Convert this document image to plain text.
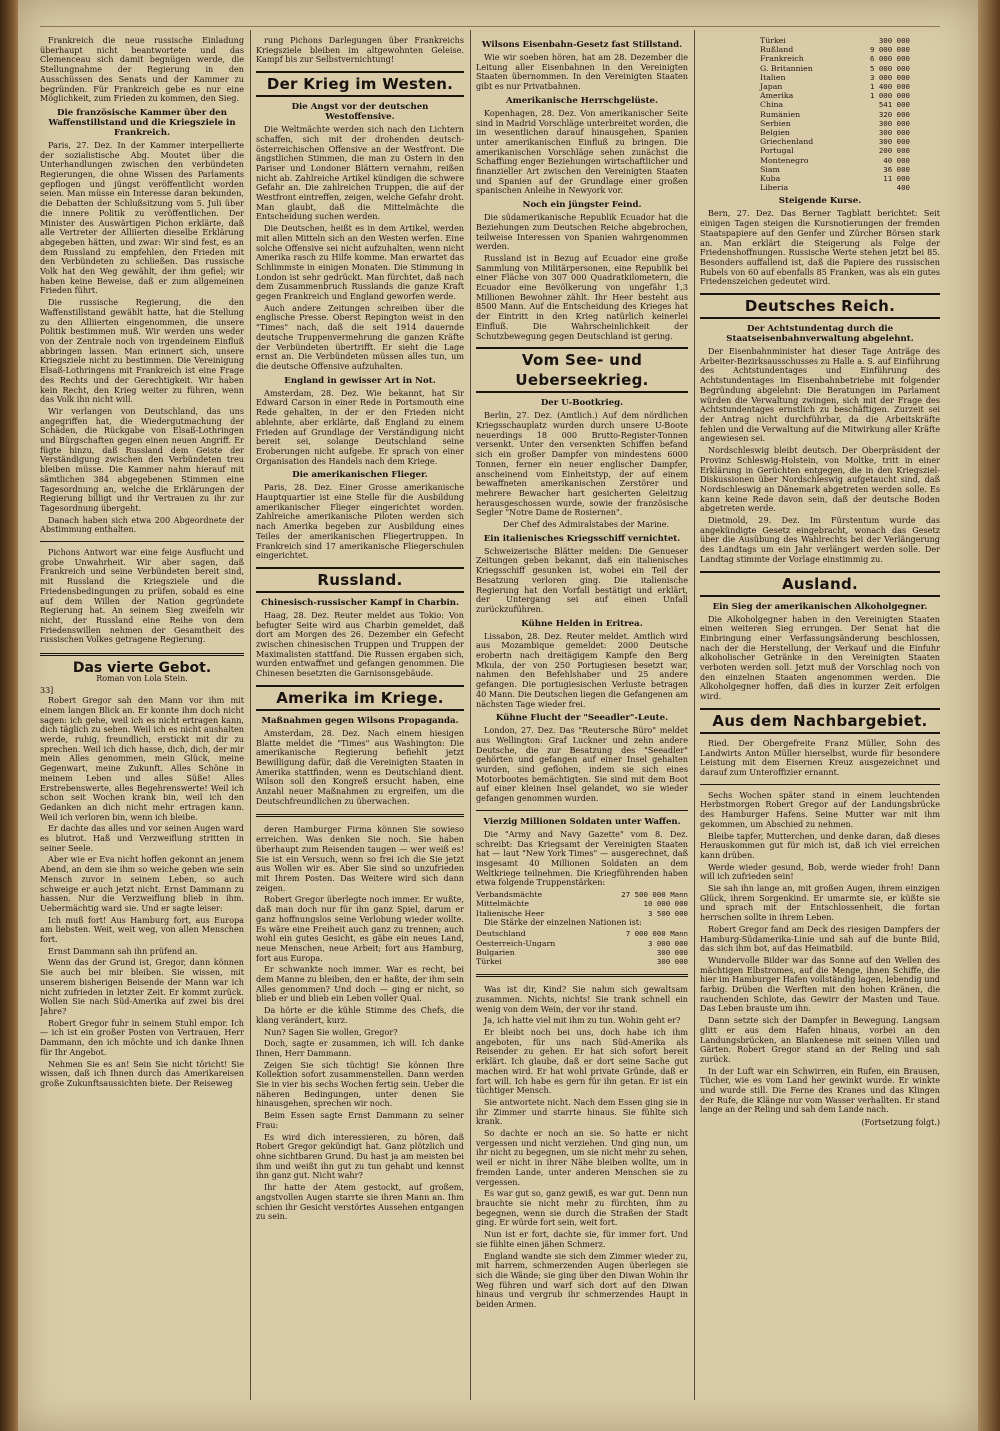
Frankreich die neue russische Einladung überhaupt nicht beantwortete und das Clemenceau sich damit begnügen werde, die Stellungnahme der Regierung in den Ausschüssen des Senats und der Kammer zu begründen. Für Frankreich gebe es nur eine Möglichkeit, zum Frieden zu kommen, den Sieg.

Die französische Kammer über den Waffenstillstand und die Kriegsziele in Frankreich.

Paris, 27. Dez. In der Kammer interpellierte der sozialistische Abg. Moutet über die Unterhandlungen zwischen den verbündeten Regierungen, die ohne Wissen des Parlaments gepflogen und jüngst veröffentlicht worden seien. Man müsse ein Interesse daran bekunden, die Debatten der Schlußsitzung vom 5. Juli über die innere Politik zu veröffentlichen. Der Minister des Auswärtigen Pichon erklärte, daß alle Vertreter der Alliierten dieselbe Erklärung abgegeben hätten, und zwar: Wir sind fest, es an dem Russland zu empfehlen, den Frieden mit den Verbündeten zu schließen. Das russische Volk hat den Weg gewählt, der ihm gefiel; wir haben keine Beweise, daß er zum allgemeinen Frieden führt.

Die russische Regierung, die den Waffenstillstand gewählt hatte, hat die Stellung zu den Alliierten eingenommen, die unsere Politik bestimmen muß. Wir werden uns weder von der Zentrale noch von irgendeinem Einfluß abbringen lassen. Man erinnert sich, unsere Kriegsziele nicht zu bestimmen. Die Vereinigung Elsaß-Lothringens mit Frankreich ist eine Frage des Rechts und der Gerechtigkeit. Wir haben kein Recht, den Krieg weiter zu führen, wenn das Volk ihn nicht will.

Wir verlangen von Deutschland, das uns angegriffen hat, die Wiedergutmachung der Schäden, die Rückgabe von Elsaß-Lothringen und Bürgschaften gegen einen neuen Angriff. Er fügte hinzu, daß Russland dem Geiste der Verständigung zwischen den Verbündeten treu bleiben müsse. Die Kammer nahm hierauf mit sämtlichen 384 abgegebenen Stimmen eine Tagesordnung an, welche die Erklärungen der Regierung billigt und ihr Vertrauen zu ihr zur Tagesordnung übergeht.

Danach haben sich etwa 200 Abgeordnete der Abstimmung enthalten.

Pichons Antwort war eine feige Ausflucht und grobe Unwahrheit. Wir aber sagen, daß Frankreich und seine Verbündeten bereit sind, mit Russland die Kriegsziele und die Friedensbedingungen zu prüfen, sobald es eine auf dem Willen der Nation gegründete Regierung hat. An seinem Sieg zweifeln wir nicht, der Russland eine Reihe von dem Friedenswillen nehmen der Gesamtheit des russischen Volkes getragene Regierung.

Das vierte Gebot.
Roman von Lola Stein.
33]

Robert Gregor sah den Mann vor ihm mit einem langen Blick an. Er konnte ihm doch nicht sagen: ich gehe, weil ich es nicht ertragen kann, dich täglich zu sehen. Weil ich es nicht aushalten werde, ruhig, freundlich, erstickt mit dir zu sprechen. Weil ich dich hasse, dich, dich, der mir mein Alles genommen, mein Glück, meine Gegenwart, meine Zukunft. Alles Schöne in meinem Leben und alles Süße! Alles Erstrebenswerte, alles Begehrenswerte! Weil ich schon seit Wochen krank bin, weil ich den Gedanken an dich nicht mehr ertragen kann. Weil ich verloren bin, wenn ich bleibe.

Er dachte das alles und vor seinen Augen ward es blutrot. Haß und Verzweiflung stritten in seiner Seele.

Aber wie er Eva nicht hoffen gekonnt an jenem Abend, an dem sie ihm so weiche geben wie sein Mensch zuvor in seinem Leben, so auch schweige er auch jetzt nicht. Ernst Dammann zu hassen. Nur die Verzweiflung blieb in ihm. Uebermächtig ward sie. Und er sagte leiser:

Ich muß fort! Aus Hamburg fort, aus Europa am liebsten. Weit, weit weg, von allen Menschen fort.

Ernst Dammann sah ihn prüfend an.

Wenn das der Grund ist, Gregor, dann können Sie auch bei mir bleiben. Sie wissen, mit unserem bisherigen Beisende der Mann war ich nicht zufrieden in letzter Zeit. Er kommt zurück. Wollen Sie nach Süd-Amerika auf zwei bis drei Jahre?

Robert Gregor fuhr in seinem Stuhl empor. Ich — ich ist ein großer Posten von Vertrauen, Herr Dammann, den ich möchte und ich danke Ihnen für Ihr Angebot.

Nehmen Sie es an! Sein Sie nicht töricht! Sie wissen, daß ich Ihnen durch das Amerikareisen große Zukunftsaussichten biete. Der Reiseweg

rung Pichons Darlegungen über Frankreichs Kriegsziele bleiben im altgewohnten Geleise. Kampf bis zur Selbstvernichtung!

Der Krieg im Westen.
Die Angst vor der deutschen Westoffensive.

Die Weltmächte werden sich nach den Lichtern schaffen, sich mit der drohenden deutsch-österreichischen Offensive an der Westfront. Die ängstlichen Stimmen, die man zu Ostern in den Pariser und Londoner Blättern vernahm, reißen nicht ab. Zahlreiche Artikel kündigen die schwere Gefahr an. Die zahlreichen Truppen, die auf der Westfront eintreffen, zeigen, welche Gefahr droht. Man glaubt, daß die Mittelmächte die Entscheidung suchen werden.

Die Deutschen, heißt es in dem Artikel, werden mit allen Mitteln sich an den Westen werfen. Eine solche Offensive sei nicht aufzuhalten, wenn nicht Amerika rasch zu Hilfe komme. Man erwartet das Schlimmste in einigen Monaten. Die Stimmung in London ist sehr gedrückt. Man fürchtet, daß nach dem Zusammenbruch Russlands die ganze Kraft gegen Frankreich und England geworfen werde.

Auch andere Zeitungen schreiben über die englische Presse. Oberst Repington weist in den "Times" nach, daß die seit 1914 dauernde deutsche Truppenvermehrung die ganzen Kräfte der Verbündeten übertrifft. Er sieht die Lage ernst an. Die Verbündeten müssen alles tun, um die deutsche Offensive aufzuhalten.

England in gewisser Art in Not.

Amsterdam, 28. Dez. Wie bekannt, hat Sir Edward Carson in einer Rede in Portsmouth eine Rede gehalten, in der er den Frieden nicht ablehnte, aber erklärte, daß England zu einem Frieden auf Grundlage der Verständigung nicht bereit sei, solange Deutschland seine Eroberungen nicht aufgebe. Er sprach von einer Organisation des Handels nach dem Kriege.

Die amerikanischen Flieger.

Paris, 28. Dez. Einer Grosse amerikanische Hauptquartier ist eine Stelle für die Ausbildung amerikanischer Flieger eingerichtet worden. Zahlreiche amerikanische Piloten werden sich nach Amerika begeben zur Ausbildung eines Teiles der amerikanischen Fliegertruppen. In Frankreich sind 17 amerikanische Fliegerschulen eingerichtet.

Russland.
Chinesisch-russischer Kampf in Charbin.

Haag, 28. Dez. Reuter meldet aus Tokio: Von befugter Seite wird aus Charbin gemeldet, daß dort am Morgen des 26. Dezember ein Gefecht zwischen chinesischen Truppen und Truppen der Maximalisten stattfand. Die Russen ergaben sich, wurden entwaffnet und gefangen genommen. Die Chinesen besetzten die Garnisonsgebäude.

Amerika im Kriege.
Maßnahmen gegen Wilsons Propaganda.

Amsterdam, 28. Dez. Nach einem hiesigen Blatte meldet die "Times" aus Washington: Die amerikanische Regierung befiehlt jetzt Bewilligung dafür, daß die Vereinigten Staaten in Amerika stattfinden, wenn es Deutschland dient. Wilson soll den Kongreß ersucht haben, eine Anzahl neuer Maßnahmen zu ergreifen, um die Deutschfreundlichen zu überwachen.

deren Hamburger Firma können Sie sowieso erreichen. Was denken Sie noch. Sie haben überhaupt zum Reisenden taugen — wer weiß es! Sie ist ein Versuch, wenn so frei ich die Sie jetzt aus Wollen wir es. Aber Sie sind so unzufrieden mit Ihrem Posten. Das Weitere wird sich dann zeigen.

Robert Gregor überlegte noch immer. Er wußte, daß man doch nur für ihn ganz Spiel, darum er ganz hoffnungslos seine Verlobung wieder wollte. Es wäre eine Freiheit auch ganz zu trennen; auch wohl ein gutes Gesicht, es gäbe ein neues Land, neue Menschen, neue Arbeit; fort aus Hamburg, fort aus Europa.

Er schwankte noch immer. War es recht, bei dem Manne zu bleiben, den er haßte, der ihm sein Alles genommen? Und doch — ging er nicht, so blieb er und blieb ein Leben voller Qual.

Da hörte er die kühle Stimme des Chefs, die klang verändert, kurz.

Nun? Sagen Sie wollen, Gregor?

Doch, sagte er zusammen, ich will. Ich danke Ihnen, Herr Dammann.

Zeigen Sie sich tüchtig! Sie können Ihre Kollektion sofort zusammenstellen. Dann werden Sie in vier bis sechs Wochen fertig sein. Ueber die näheren Bedingungen, unter denen Sie hinausgehen, sprechen wir noch.

Beim Essen sagte Ernst Dammann zu seiner Frau:

Es wird dich interessieren, zu hören, daß Robert Gregor gekündigt hat. Ganz plötzlich und ohne sichtbaren Grund. Du hast ja am meisten bei ihm und weißt ihn gut zu tun gehabt und kennst ihn ganz gut. Nicht wahr?

Ihr hatte der Atem gestockt, auf großem, angstvollen Augen starrte sie ihren Mann an. Ihm schien ihr Gesicht verstörtes Aussehen entgangen zu sein.

Wilsons Eisenbahn-Gesetz fast Stillstand.

Wie wir soeben hören, hat am 28. Dezember die Leitung aller Eisenbahnen in den Vereinigten Staaten übernommen. In den Vereinigten Staaten gibt es nur Privatbahnen.

Amerikanische Herrschgelüste.

Kopenhagen, 28. Dez. Von amerikanischer Seite sind in Madrid Vorschläge unterbreitet worden, die im wesentlichen darauf hinausgehen, Spanien unter amerikanischen Einfluß zu bringen. Die amerikanischen Vorschläge sehen zunächst die Schaffung enger Beziehungen wirtschaftlicher und finanzieller Art zwischen den Vereinigten Staaten und Spanien auf der Grundlage einer großen spanischen Anleihe in Newyork vor.

Noch ein jüngster Feind.

Die südamerikanische Republik Ecuador hat die Beziehungen zum Deutschen Reiche abgebrochen, teilweise Interessen von Spanien wahrgenommen werden.

Russland ist in Bezug auf Ecuador eine große Sammlung von Militärpersonen, eine Republik bei einer Fläche von 307 000 Quadratkilometern, die Ecuador eine Bevölkerung von ungefähr 1,3 Millionen Bewohner zählt. Ihr Heer besteht aus 8500 Mann. Auf die Entscheidung des Krieges hat der Eintritt in den Krieg natürlich keinerlei Einfluß. Die Wahrscheinlichkeit der Schutzbewegung gegen Deutschland ist gering.

Vom See- und Ueberseekrieg.
Der U-Bootkrieg.

Berlin, 27. Dez. (Amtlich.) Auf dem nördlichen Kriegsschauplatz wurden durch unsere U-Boote neuerdings 18 000 Brutto-Register-Tonnen versenkt. Unter den versenkten Schiffen befand sich ein großer Dampfer von mindestens 6000 Tonnen, ferner ein neuer englischer Dampfer, anscheinend vom Einheitstyp, der auf einem bewaffneten amerikanischen Zerstörer und mehrere Bewacher hart gesicherten Geleitzug herausgeschossen wurde, sowie der französische Segler "Notre Dame de Rosiernen".

Der Chef des Admiralstabes der Marine.

Ein italienisches Kriegsschiff vernichtet.

Schweizerische Blätter melden: Die Genueser Zeitungen geben bekannt, daß ein italienisches Kriegsschiff gesunken ist, wobei ein Teil der Besatzung verloren ging. Die italienische Regierung hat den Vorfall bestätigt und erklärt, der Untergang sei auf einen Unfall zurückzuführen.

Kühne Helden in Eritrea.

Lissabon, 28. Dez. Reuter meldet. Amtlich wird aus Mozambique gemeldet: 2000 Deutsche erobertn nach dreitägigem Kampfe den Berg Mkula, der von 250 Portugiesen besetzt war, nahmen den Befehlshaber und 25 andere gefangen. Die portugiesischen Verluste betragen 40 Mann. Die Deutschen liegen die Gefangenen am nächsten Tage wieder frei.

Kühne Flucht der "Seeadler"-Leute.

London, 27. Dez. Das "Reutersche Büro" meldet aus Wellington: Graf Luckner und zehn andere Deutsche, die zur Besatzung des "Seeadler" gehörten und gefangen auf einer Insel gehalten wurden, sind geflohen, indem sie sich eines Motorbootes bemächtigten. Sie sind mit dem Boot auf einer kleinen Insel gelandet, wo sie wieder gefangen genommen wurden.

Vierzig Millionen Soldaten unter Waffen.

Die "Army and Navy Gazette" vom 8. Dez. schreibt: Das Kriegsamt der Vereinigten Staaten hat — laut "New York Times" — ausgerechnet, daß insgesamt 40 Millionen Soldaten an dem Weltkriege teilnehmen. Die Kriegführenden haben etwa folgende Truppenstärken:

Verbandsmächte	27 500 000 Mann
Mittelmächte	10 000 000
Italienische Heer	3 500 000

Die Stärke der einzelnen Nationen ist:

Deutschland	7 000 000 Mann
Oesterreich-Ungarn	3 000 000
Bulgarien	300 000
Türkei	300 000

Was ist dir, Kind? Sie nahm sich gewaltsam zusammen. Nichts, nichts! Sie trank schnell ein wenig von dem Wein, der vor ihr stand.

Ja, ich hatte viel mit ihm zu tun. Wohin geht er?

Er bleibt noch bei uns, doch habe ich ihm angeboten, für uns nach Süd-Amerika als Reisender zu gehen. Er hat sich sofort bereit erklärt. Ich glaube, daß er dort seine Sache gut machen wird. Er hat wohl private Gründe, daß er fort will. Ich habe es gern für ihn getan. Er ist ein tüchtiger Mensch.

Sie antwortete nicht. Nach dem Essen ging sie in ihr Zimmer und starrte hinaus. Sie fühlte sich krank.

So dachte er noch an sie. So hatte er nicht vergessen und nicht verziehen. Und ging nun, um ihr nicht zu begegnen, um sie nicht mehr zu sehen, weil er nicht in ihrer Nähe bleiben wollte, um in fremden Lande, unter anderen Menschen sie zu vergessen.

Es war gut so, ganz gewiß, es war gut. Denn nun brauchte sie nicht mehr zu fürchten, ihm zu begegnen, wenn sie durch die Straßen der Stadt ging. Er würde fort sein, weit fort.

Nun ist er fort, dachte sie, für immer fort. Und sie fühlte einen jähen Schmerz.

England wandte sie sich dem Zimmer wieder zu, mit harrem, schmerzenden Augen überlegen sie sich die Wände; sie ging über den Diwan Wohin ihr Weg führen und warf sich dort auf den Diwan hinaus und vergrub ihr schmerzendes Haupt in beiden Armen.

Türkei	300 000
Rußland	9 000 000
Frankreich	6 000 000
G. Britannien	5 000 000
Italien	3 000 000
Japan	1 400 000
Amerika	1 000 000
China	541 000
Rumänien	320 000
Serbien	300 000
Belgien	300 000
Griechenland	300 000
Portugal	200 000
Montenegro	40 000
Siam	36 000
Kuba	11 000
Liberia	400
Steigende Kurse.

Bern, 27. Dez. Das Berner Tagblatt berichtet: Seit einigen Tagen steigen die Kursnotierungen der fremden Staatspapiere auf den Genfer und Zürcher Börsen stark an. Man erklärt die Steigerung als Folge der Friedenshoffnungen. Russische Werte stehen jetzt bei 85. Besonders auffallend ist, daß die Papiere des russischen Rubels von 60 auf ebenfalls 85 Franken, was als ein gutes Friedenszeichen gedeutet wird.

Deutsches Reich.
Der Achtstundentag durch die Staatseisenbahnverwaltung abgelehnt.

Der Eisenbahnminister hat dieser Tage Anträge des Arbeiter-Bezirksausschusses zu Halle a. S. auf Einführung des Achtstundentages und Einführung des Achtstundentages im Eisenbahnbetriebe mit folgender Begründung abgelehnt: Die Beratungen im Parlament würden die Verwaltung zwingen, sich mit der Frage des Achtstundentages ernstlich zu beschäftigen. Zurzeit sei der Antrag nicht durchführbar, da die Arbeitskräfte fehlen und die Verwaltung auf die Mitwirkung aller Kräfte angewiesen sei.

Nordschleswig bleibt deutsch. Der Oberpräsident der Provinz Schleswig-Holstein, von Moltke, tritt in einer Erklärung in Gerüchten entgegen, die in den Kriegsziel-Diskussionen über Nordschleswig aufgetaucht sind, daß Nordschleswig an Dänemark abgetreten werden solle. Es kann keine Rede davon sein, daß der deutsche Boden abgetreten werde.

Dietmold, 29. Dez. Im Fürstentum wurde das angekündigte Gesetz eingebracht, wonach das Gesetz über die Ausübung des Wahlrechts bei der Verlängerung des Landtags um ein Jahr verlängert werden solle. Der Landtag stimmte der Vorlage einstimmig zu.

Ausland.
Ein Sieg der amerikanischen Alkoholgegner.

Die Alkoholgegner haben in den Vereinigten Staaten einen weiteren Sieg errungen. Der Senat hat die Einbringung einer Verfassungsänderung beschlossen, nach der die Herstellung, der Verkauf und die Einfuhr alkoholischer Getränke in den Vereinigten Staaten verboten werden soll. Jetzt muß der Vorschlag noch von den einzelnen Staaten angenommen werden. Die Alkoholgegner hoffen, daß dies in kurzer Zeit erfolgen wird.

Aus dem Nachbargebiet.

Ried. Der Obergefreite Franz Müller, Sohn des Landwirts Anton Müller hierselbst, wurde für besondere Leistung mit dem Eisernen Kreuz ausgezeichnet und darauf zum Unteroffizier ernannt.

Sechs Wochen später stand in einem leuchtenden Herbstmorgen Robert Gregor auf der Landungsbrücke des Hamburger Hafens. Seine Mutter war mit ihm gekommen, um Abschied zu nehmen.

Bleibe tapfer, Mutterchen, und denke daran, daß dieses Herauskommen gut für mich ist, daß ich viel erreichen kann drüben.

Werde wieder gesund, Bob, werde wieder froh! Dann will ich zufrieden sein!

Sie sah ihn lange an, mit großen Augen, ihrem einzigen Glück, ihrem Sorgenkind. Er umarmte sie, er küßte sie und sprach mit der Entschlossenheit, die fortan herrschen sollte in ihrem Leben.

Robert Gregor fand am Deck des riesigen Dampfers der Hamburg-Südamerika-Linie und sah auf die bunte Bild, das sich ihm bot, auf das Heimatbild.

Wundervolle Bilder war das Sonne auf den Wellen des mächtigen Elbstromes, auf die Menge, ihnen Schiffe, die hier im Hamburger Hafen vollständig lagen, lebendig und farbig. Drüben die Werften mit den hohen Kränen, die rauchenden Schlote, das Gewirr der Masten und Taue. Das Leben brauste um ihn.

Dann setzte sich der Dampfer in Bewegung. Langsam glitt er aus dem Hafen hinaus, vorbei an den Landungsbrücken, an Blankenese mit seinen Villen und Gärten. Robert Gregor stand an der Reling und sah zurück.

In der Luft war ein Schwirren, ein Rufen, ein Brausen, Tücher, wie es vom Land her gewinkt wurde. Er winkte und wurde still. Die Ferne des Kranes und das Klingen der Rufe, die Klänge nur vom Wasser verhallten. Er stand lange an der Reling und sah dem Lande nach.

(Fortsetzung folgt.)
